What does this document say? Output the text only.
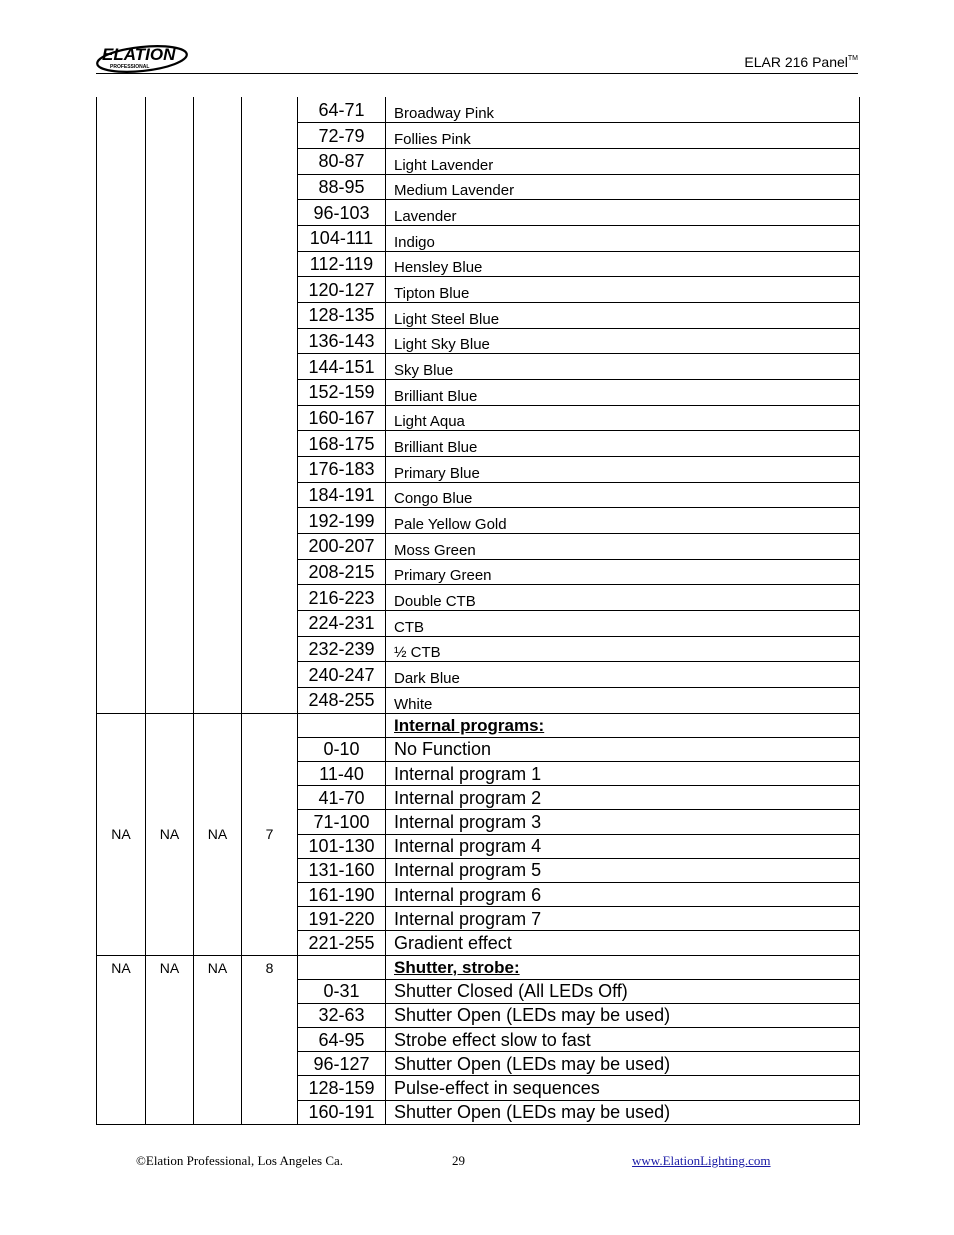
ELATION
PROFESSIONAL	ELAR 216 Panel™
				64-71	Broadway Pink
				72-79	Follies Pink
				80-87	Light Lavender
				88-95	Medium Lavender
				96-103	Lavender
				104-111	Indigo
				112-119	Hensley Blue
				120-127	Tipton Blue
				128-135	Light Steel Blue
				136-143	Light Sky Blue
				144-151	Sky Blue
				152-159	Brilliant Blue
				160-167	Light Aqua
				168-175	Brilliant Blue
				176-183	Primary Blue
				184-191	Congo Blue
				192-199	Pale Yellow Gold
				200-207	Moss Green
				208-215	Primary Green
				216-223	Double CTB
				224-231	CTB
				232-239	½ CTB
				240-247	Dark Blue
				248-255	White
NA	NA	NA	7		Internal programs:
				0-10	No Function
				11-40	Internal program 1
				41-70	Internal program 2
				71-100	Internal program 3
				101-130	Internal program 4
				131-160	Internal program 5
				161-190	Internal program 6
				191-220	Internal program 7
				221-255	Gradient effect
NA	NA	NA	8		Shutter, strobe:
				0-31	Shutter Closed (All LEDs Off)
				32-63	Shutter Open (LEDs may be used)
				64-95	Strobe effect slow to fast
				96-127	Shutter Open (LEDs may be used)
				128-159	Pulse-effect in sequences
				160-191	Shutter Open (LEDs may be used)
©Elation Professional, Los Angeles Ca.	29	www.ElationLighting.com
